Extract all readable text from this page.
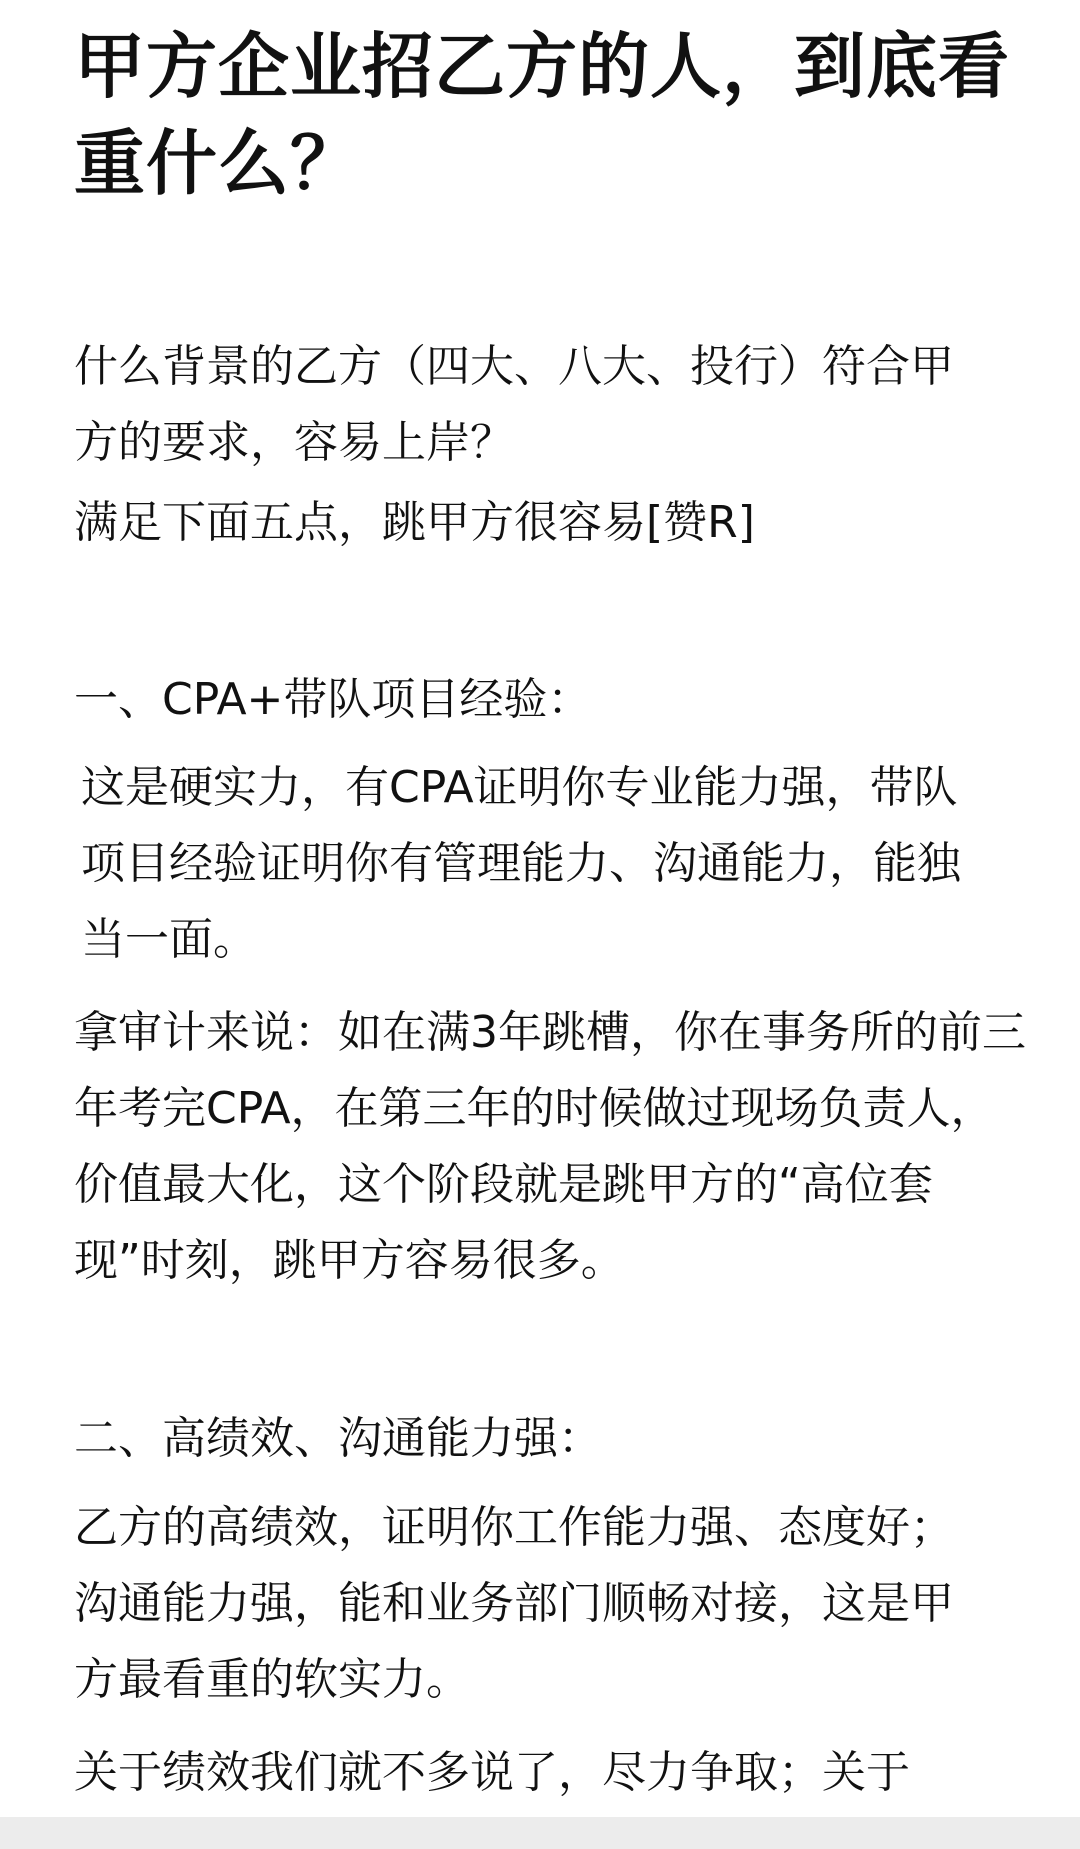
甲方企业招乙方的人，到底看重什么？

什么背景的乙方（四大、八大、投行）符合甲方的要求，容易上岸？

满足下面五点，跳甲方很容易[赞R]

一、CPA+带队项目经验：

这是硬实力，有CPA证明你专业能力强，带队项目经验证明你有管理能力、沟通能力，能独当一面。

拿审计来说：如在满3年跳槽，你在事务所的前三年考完CPA，在第三年的时候做过现场负责人，价值最大化，这个阶段就是跳甲方的“高位套现”时刻，跳甲方容易很多。

二、高绩效、沟通能力强：

乙方的高绩效，证明你工作能力强、态度好；沟通能力强，能和业务部门顺畅对接，这是甲方最看重的软实力。

关于绩效我们就不多说了，尽力争取；关于
